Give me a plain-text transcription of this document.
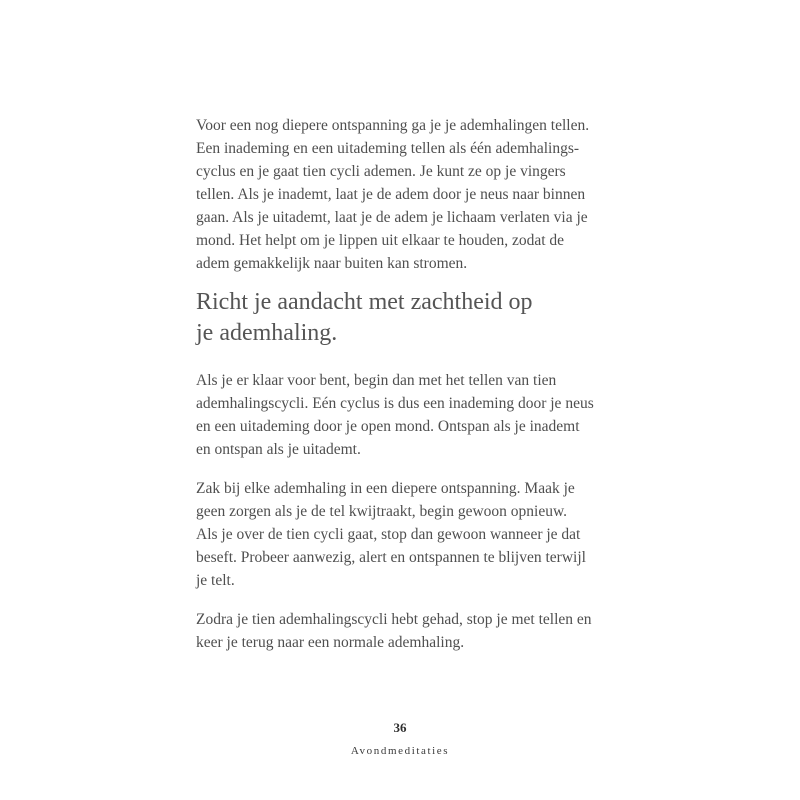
Voor een nog diepere ontspanning ga je je ademhalingen tellen.
Een inademing en een uitademing tellen als één ademhalings-
cyclus en je gaat tien cycli ademen. Je kunt ze op je vingers
tellen. Als je inademt, laat je de adem door je neus naar binnen
gaan. Als je uitademt, laat je de adem je lichaam verlaten via je
mond. Het helpt om je lippen uit elkaar te houden, zodat de
adem gemakkelijk naar buiten kan stromen.
Richt je aandacht met zachtheid op
je ademhaling.
Als je er klaar voor bent, begin dan met het tellen van tien
ademhalingscycli. Eén cyclus is dus een inademing door je neus
en een uitademing door je open mond. Ontspan als je inademt
en ontspan als je uitademt.
Zak bij elke ademhaling in een diepere ontspanning. Maak je
geen zorgen als je de tel kwijtraakt, begin gewoon opnieuw.
Als je over de tien cycli gaat, stop dan gewoon wanneer je dat
beseft. Probeer aanwezig, alert en ontspannen te blijven terwijl
je telt.
Zodra je tien ademhalingscycli hebt gehad, stop je met tellen en
keer je terug naar een normale ademhaling.
36
Avondmeditaties
